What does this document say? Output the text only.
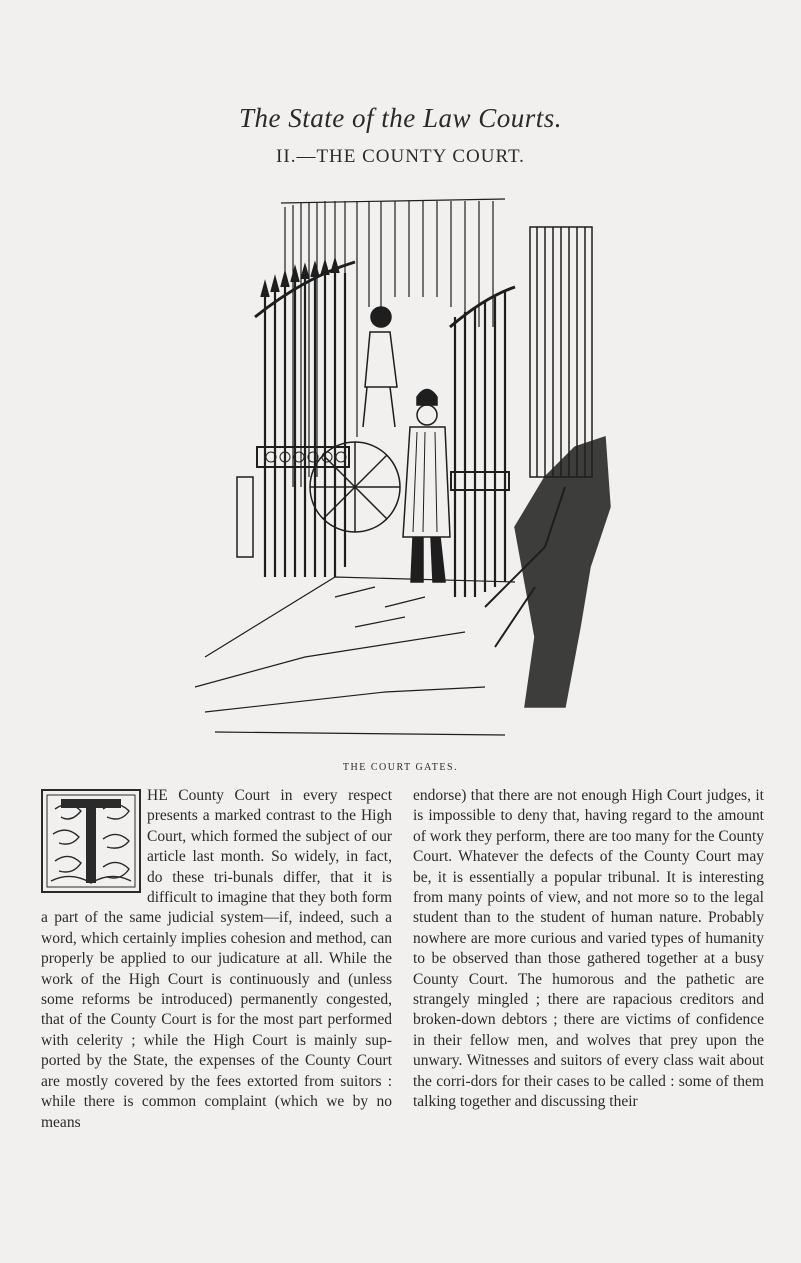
The State of the Law Courts.
II.—THE COUNTY COURT.
THE COURT GATES.

HE County Court in every respect presents a marked contrast to the High Court, which formed the subject of our article last month. So widely, in fact, do these tri-bunals differ, that it is difficult to imagine that they both form a part of the same judicial system—if, indeed, such a word, which certainly implies cohesion and method, can properly be applied to our judicature at all. While the work of the High Court is continuously and (unless some reforms be introduced) permanently congested, that of the County Court is for the most part performed with celerity ; while the High Court is mainly sup-ported by the State, the expenses of the County Court are mostly covered by the fees extorted from suitors : while there is common complaint (which we by no means

endorse) that there are not enough High Court judges, it is impossible to deny that, having regard to the amount of work they perform, there are too many for the County Court. Whatever the defects of the County Court may be, it is essentially a popular tribunal. It is interesting from many points of view, and not more so to the legal student than to the student of human nature. Probably nowhere are more curious and varied types of humanity to be observed than those gathered together at a busy County Court. The humorous and the pathetic are strangely mingled ; there are rapacious creditors and broken-down debtors ; there are victims of confidence in their fellow men, and wolves that prey upon the unwary. Witnesses and suitors of every class wait about the corri-dors for their cases to be called : some of them talking together and discussing their
